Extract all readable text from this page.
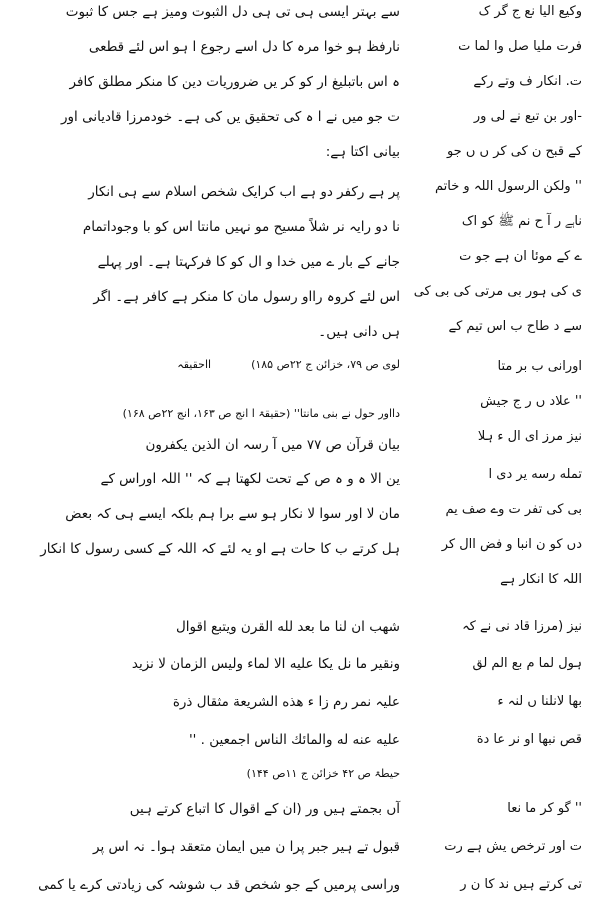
وکیع الیا نع ج گر ک
فرت ملیا صل وا لما ت
ت. انکار ف وتے رکے
-اور بن تبع نے لی ور
کے قبح ن کی کر ں ں جو
'' ولکن الرسول اللہ و خاتم
ناہے ر آ ح نم ﷺ کو اک
ے کے موئا ان ہے جو ت
ی کی ہور بی مرتی کی بی کی
سے د طاح ب اس تیم کے
اورانی ب بر متا
'' علاد ں ر ج جیش
نیز مرز ای ال ء ہلا
تمله رسه یر دی ا
بی کی تفر ت وے صف یم
دں کو ن انبا و فض اال کر
اللہ کا انکار ہے
نیز (مرزا قاد نی نے کہ
ہول لما م بع الم لق
بھا لانلنا ں لنہ ء
قص نبھا او نر عا دة
'' گو کر ما نعا
ت اور ترخص یش ہے رت
تی کرتے ہیں ند کا ن ر
سے بہتر ایسی ہی تی ہی دل الثبوت ومیز ہے جس کا ثبوت
نارفظ ہو خوا مرہ کا دل اسے رجوع ا ہو اس لئے قطعی
ہ اس باتبلیغ ار کو کر یں ضروریات دین کا منکر مطلق کافر
ت جو میں نے ا ہ کی تحقیق یں کی ہے۔ خودمرزا قادیانی اور
بیانی اکتا ہے:
پر ہے رکفر دو ہے اب کرایک شخص اسلام سے ہی انکار
نا دو رایہ نر شلاً مسیح مو نہیں مانتا اس کو با وجوداتمام
جانے کے بار ے میں خدا و ال کو کا فرکہتا ہے۔ اور پہلے
اس لئے کروہ رااو رسول مان کا منکر ہے کافر ہے۔ اگر
ہں دانی ہیں۔
لوی ص ۷۹، خزائن ج ۲۲ص ۱۸۵)ااحقیقہ
دااور حول نے بنی مانتا'' (حقیقۃ ا انج ص ۱۶۳، انج ۲۲ص ۱۶۸)
بیان قرآن ص ۷۷ میں آ رسہ ان الذین یکفرون
ین الا ہ و ہ ص کے تحت لکھتا ہے کہ '' اللہ اوراس کے
مان لا اور سوا لا نکار ہو سے برا ہم بلکہ ایسے ہی کہ بعض
ہل کرتے ب کا حات ہے او یہ لئے کہ اللہ کے کسی رسول کا انکار
شهب ان لنا ما بعد لله القرن ویتبع اقوال
ونقیر ما نل یکا علیه الا لماء ولیس الزمان لا نزید
علیہ نمر رم زا ء هذه الشريعة مثقال ذرة
علیه عنه له والمائك الناس اجمعين . ''
حیطۃ ص ۴۲ خزائن ج ۱۱ص ۱۴۴)
آں بجمتے ہیں ور (ان کے اقوال کا اتباع کرتے ہیں
قبول تے ہیر جبر پرا ن میں ایمان متعقد ہوا۔ نہ اس پر
وراسی پرمیں کے جو شخص قد ب شوشہ کی زیادتی کرے یا کمی
